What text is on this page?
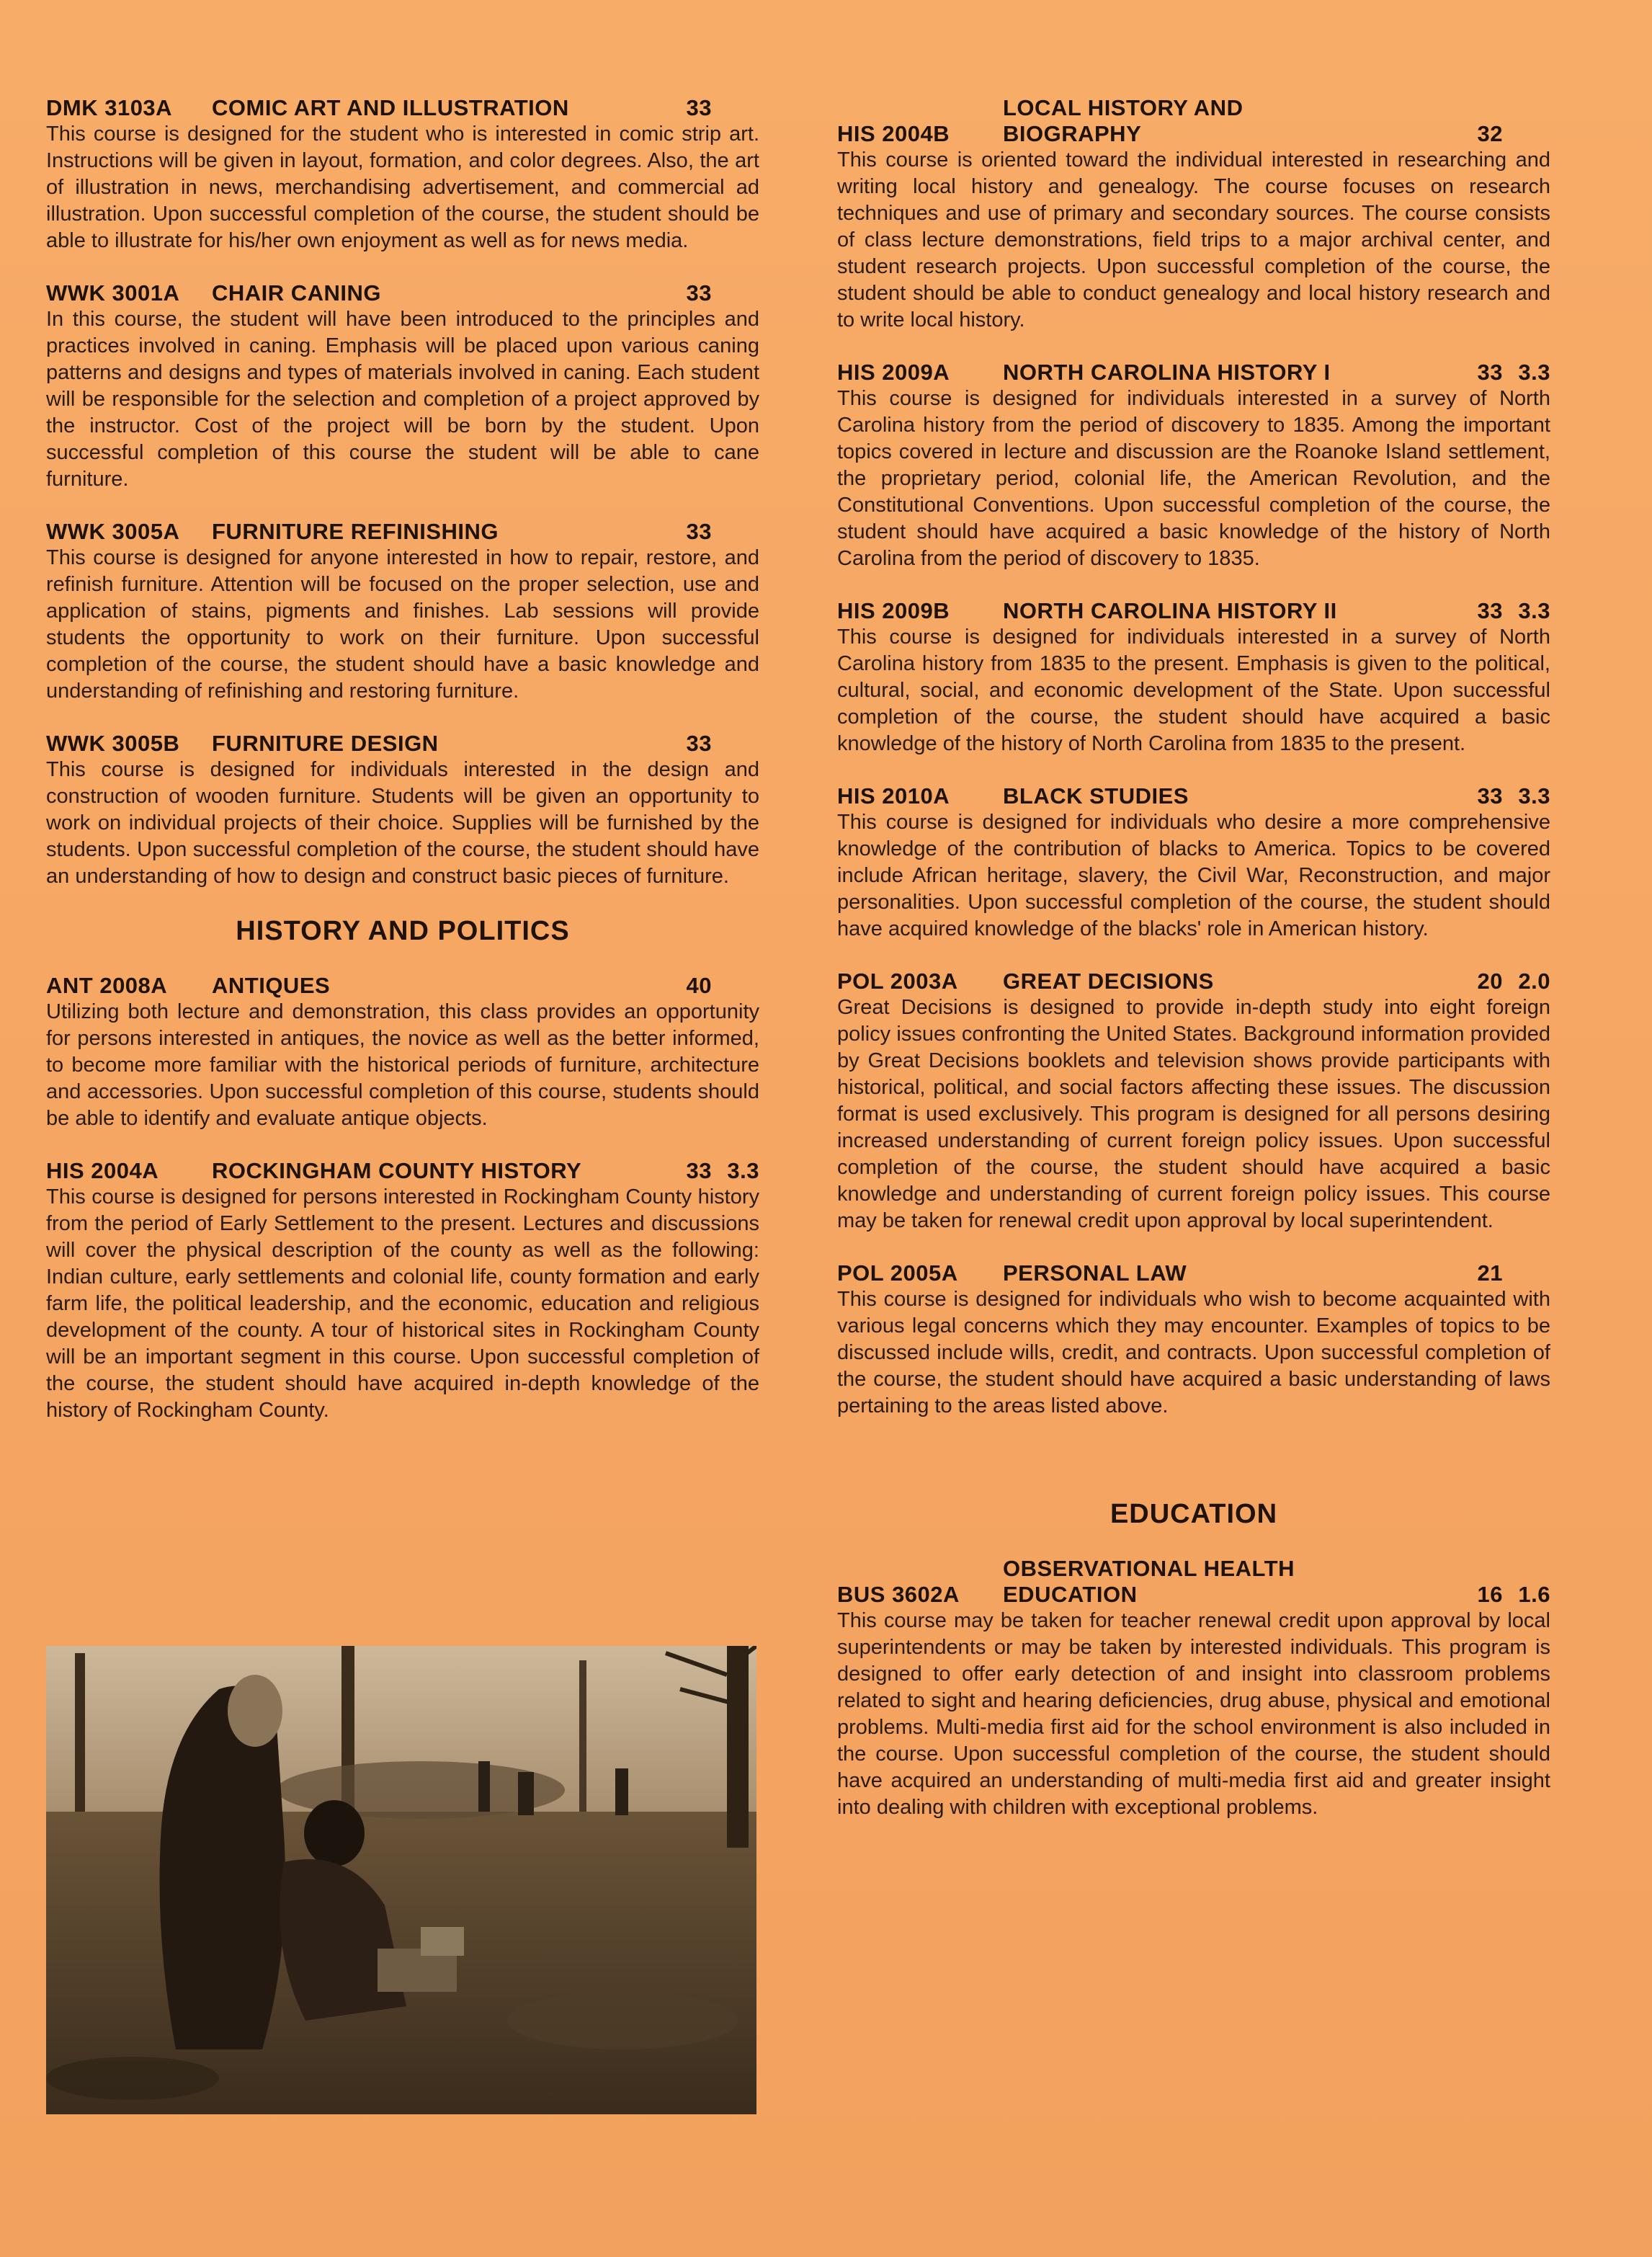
DMK 3103A	COMIC ART AND ILLUSTRATION	33

This course is designed for the student who is interested in comic strip art. Instructions will be given in layout, formation, and color degrees. Also, the art of illustration in news, merchandising advertisement, and commercial ad illustration. Upon successful completion of the course, the student should be able to illustrate for his/her own enjoyment as well as for news media.

WWK 3001A	CHAIR CANING	33

In this course, the student will have been introduced to the principles and practices involved in caning. Emphasis will be placed upon various caning patterns and designs and types of materials involved in caning. Each student will be responsible for the selection and completion of a project approved by the instructor. Cost of the project will be born by the student. Upon successful completion of this course the student will be able to cane furniture.

WWK 3005A	FURNITURE REFINISHING	33

This course is designed for anyone interested in how to repair, restore, and refinish furniture. Attention will be focused on the proper selection, use and application of stains, pigments and finishes. Lab sessions will provide students the opportunity to work on their furniture. Upon successful completion of the course, the student should have a basic knowledge and understanding of refinishing and restoring furniture.

WWK 3005B	FURNITURE DESIGN	33

This course is designed for individuals interested in the design and construction of wooden furniture. Students will be given an opportunity to work on individual projects of their choice. Supplies will be furnished by the students. Upon successful completion of the course, the student should have an understanding of how to design and construct basic pieces of furniture.

HISTORY AND POLITICS
ANT 2008A	ANTIQUES	40

Utilizing both lecture and demonstration, this class provides an opportunity for persons interested in antiques, the novice as well as the better informed, to become more familiar with the historical periods of furniture, architecture and accessories. Upon successful completion of this course, students should be able to identify and evaluate antique objects.

HIS 2004A	ROCKINGHAM COUNTY HISTORY	33 3.3

This course is designed for persons interested in Rockingham County history from the period of Early Settlement to the present. Lectures and discussions will cover the physical description of the county as well as the following: Indian culture, early settlements and colonial life, county formation and early farm life, the political leadership, and the economic, education and religious development of the county. A tour of historical sites in Rockingham County will be an important segment in this course. Upon successful completion of the course, the student should have acquired in-depth knowledge of the history of Rockingham County.

HIS 2004B
LOCAL HISTORY AND
BIOGRAPHY	32

This course is oriented toward the individual interested in researching and writing local history and genealogy. The course focuses on research techniques and use of primary and secondary sources. The course consists of class lecture demonstrations, field trips to a major archival center, and student research projects. Upon successful completion of the course, the student should be able to conduct genealogy and local history research and to write local history.

HIS 2009A	NORTH CAROLINA HISTORY I	33 3.3

This course is designed for individuals interested in a survey of North Carolina history from the period of discovery to 1835. Among the important topics covered in lecture and discussion are the Roanoke Island settlement, the proprietary period, colonial life, the American Revolution, and the Constitutional Conventions. Upon successful completion of the course, the student should have acquired a basic knowledge of the history of North Carolina from the period of discovery to 1835.

HIS 2009B	NORTH CAROLINA HISTORY II	33 3.3

This course is designed for individuals interested in a survey of North Carolina history from 1835 to the present. Emphasis is given to the political, cultural, social, and economic development of the State. Upon successful completion of the course, the student should have acquired a basic knowledge of the history of North Carolina from 1835 to the present.

HIS 2010A	BLACK STUDIES	33 3.3

This course is designed for individuals who desire a more comprehensive knowledge of the contribution of blacks to America. Topics to be covered include African heritage, slavery, the Civil War, Reconstruction, and major personalities. Upon successful completion of the course, the student should have acquired knowledge of the blacks' role in American history.

POL 2003A	GREAT DECISIONS	20 2.0

Great Decisions is designed to provide in-depth study into eight foreign policy issues confronting the United States. Background information provided by Great Decisions booklets and television shows provide participants with historical, political, and social factors affecting these issues. The discussion format is used exclusively. This program is designed for all persons desiring increased understanding of current foreign policy issues. Upon successful completion of the course, the student should have acquired a basic knowledge and understanding of current foreign policy issues. This course may be taken for renewal credit upon approval by local superintendent.

POL 2005A	PERSONAL LAW	21

This course is designed for individuals who wish to become acquainted with various legal concerns which they may encounter. Examples of topics to be discussed include wills, credit, and contracts. Upon successful completion of the course, the student should have acquired a basic understanding of laws pertaining to the areas listed above.

EDUCATION
BUS 3602A
OBSERVATIONAL HEALTH
EDUCATION	16 1.6

This course may be taken for teacher renewal credit upon approval by local superintendents or may be taken by interested individuals. This program is designed to offer early detection of and insight into classroom problems related to sight and hearing deficiencies, drug abuse, physical and emotional problems. Multi-media first aid for the school environment is also included in the course. Upon successful completion of the course, the student should have acquired an understanding of multi-media first aid and greater insight into dealing with children with exceptional problems.
